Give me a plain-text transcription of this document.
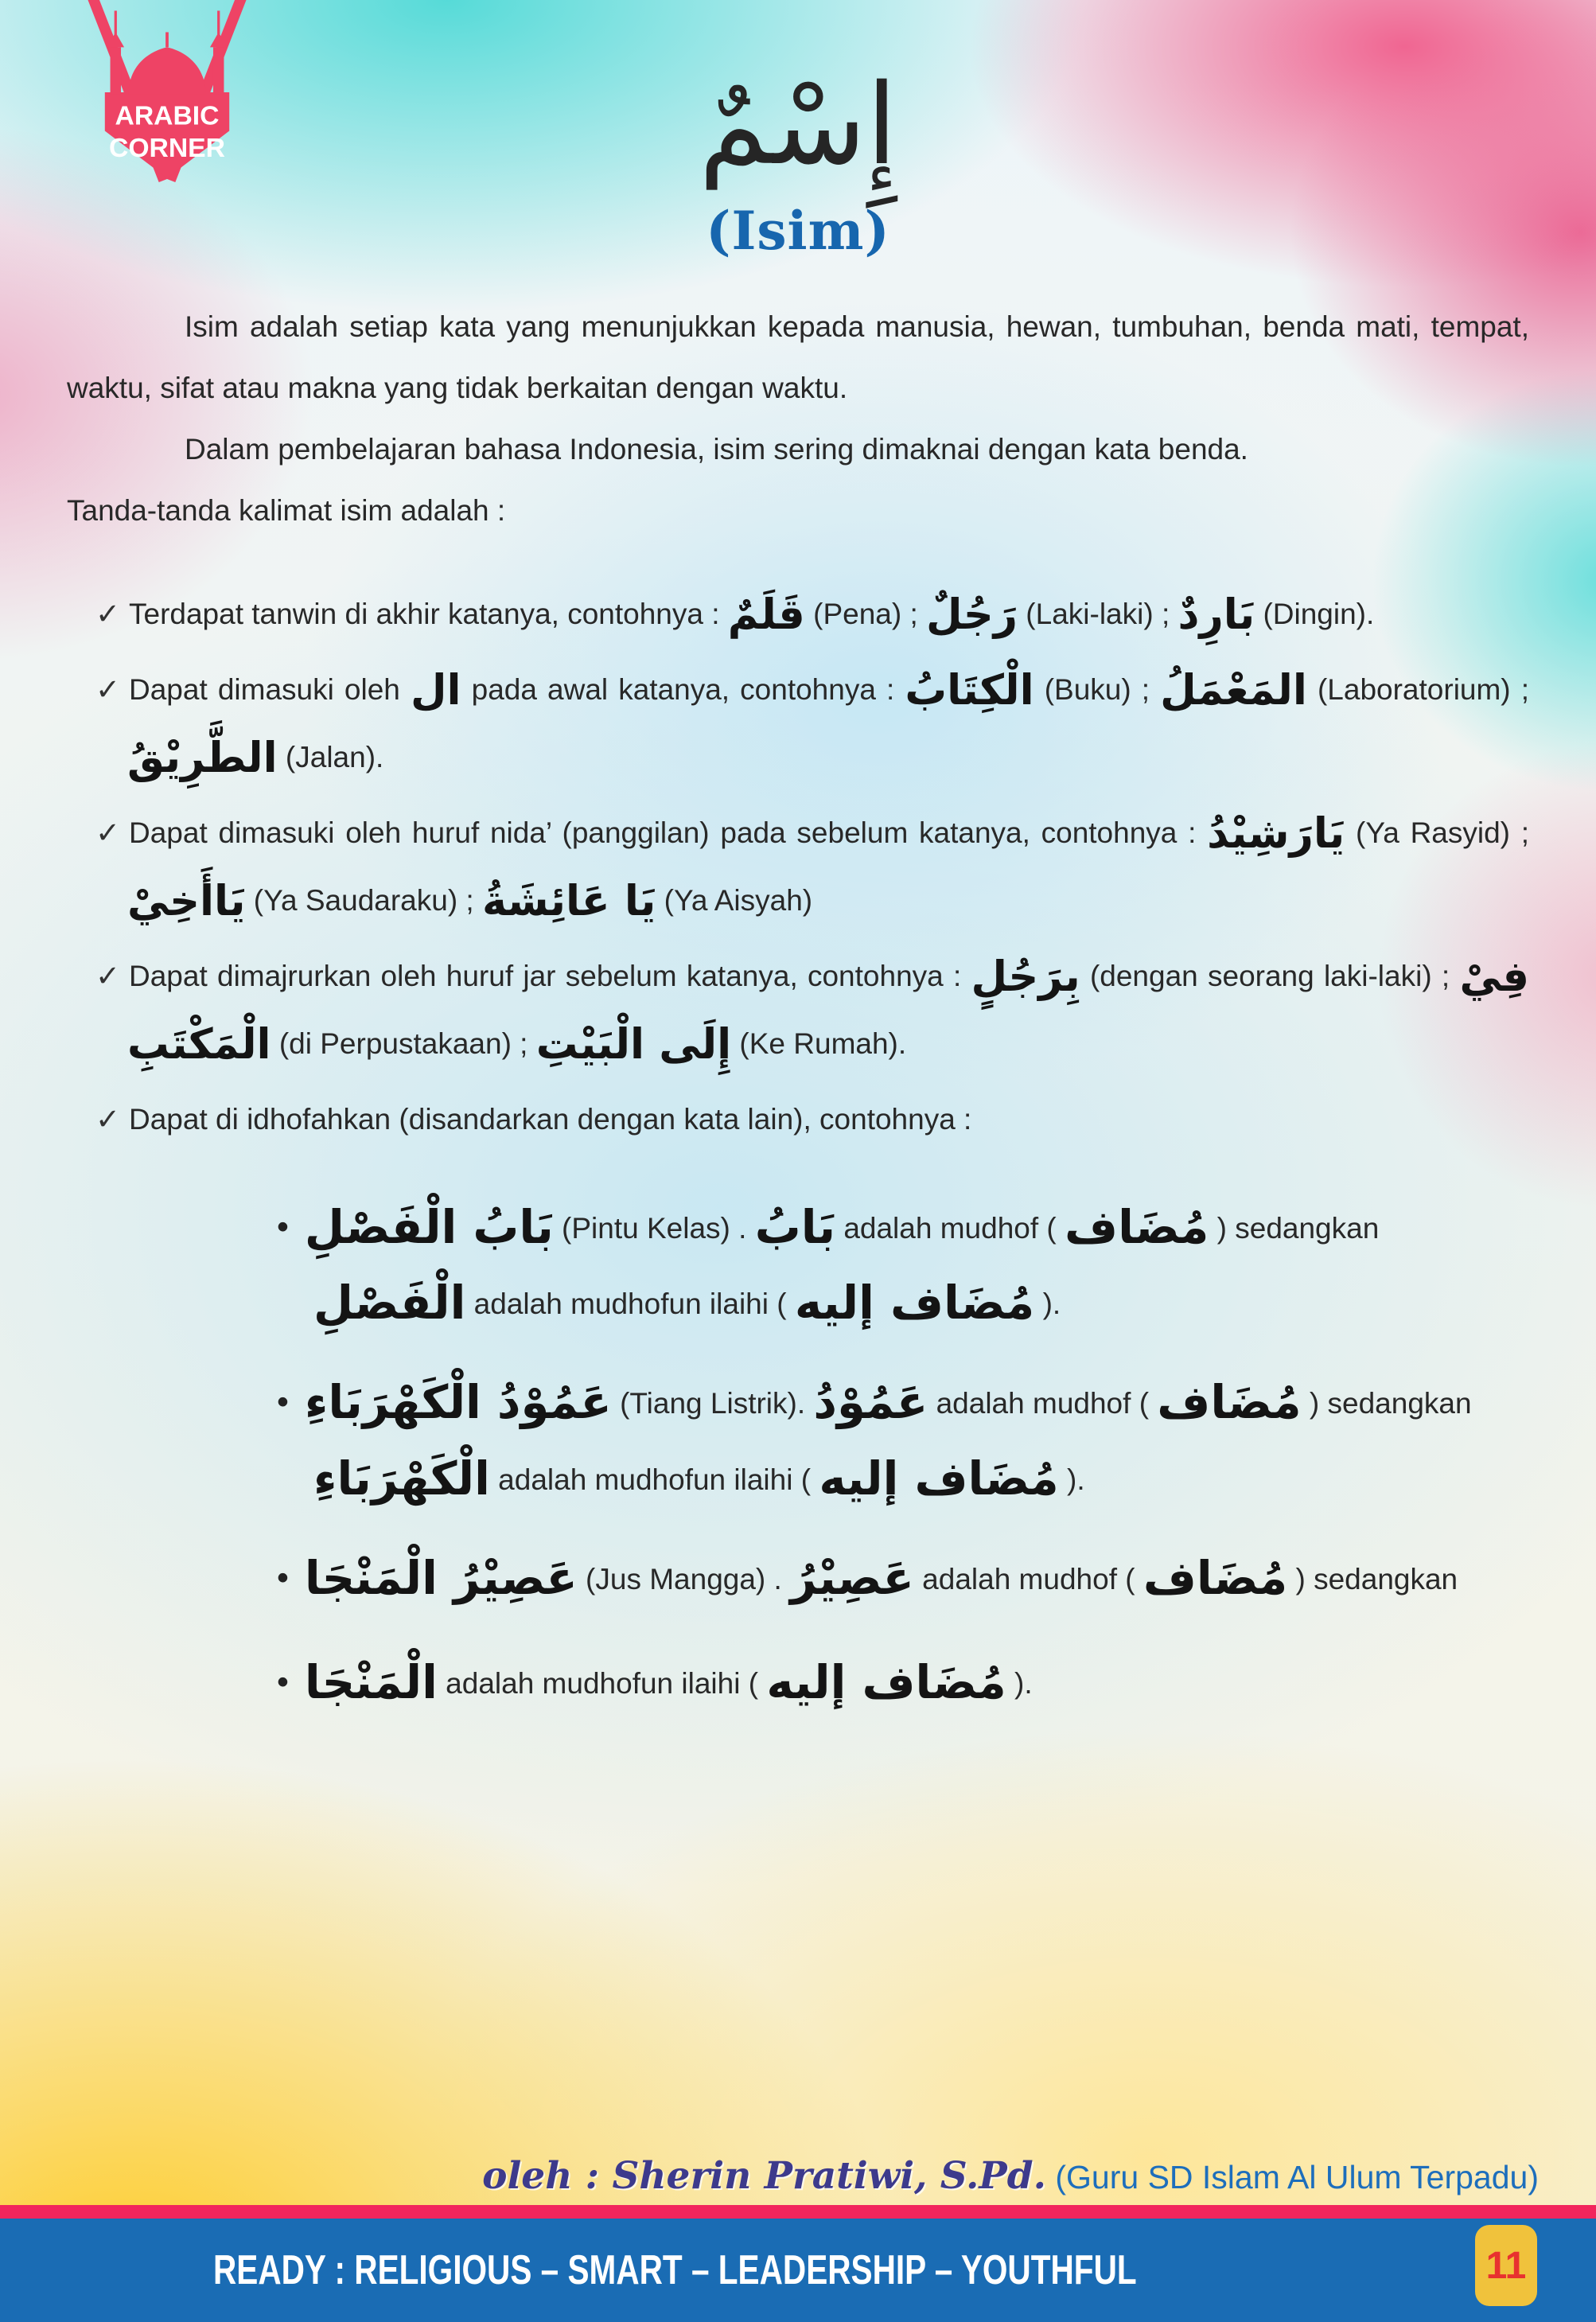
ARABIC
CORNER	إِسْمٌ
(Isim)

Isim adalah setiap kata yang menunjukkan kepada manusia, hewan, tumbuhan, benda mati, tempat, waktu, sifat atau makna yang tidak berkaitan dengan waktu.

Dalam pembelajaran bahasa Indonesia, isim sering dimaknai dengan kata benda.

Tanda-tanda kalimat isim adalah :

✓ Terdapat tanwin di akhir katanya, contohnya : قَلَمٌ (Pena) ; رَجُلٌ (Laki-laki) ; بَارِدٌ (Dingin).
✓ Dapat dimasuki oleh ال pada awal katanya, contohnya : الْكِتَابُ (Buku) ; المَعْمَلُ (Laboratorium) ; الطَّرِيْقُ (Jalan).
✓ Dapat dimasuki oleh huruf nida’ (panggilan) pada sebelum katanya, contohnya : يَارَشِيْدُ (Ya Rasyid) ; يَاأَخِيْ (Ya Saudaraku) ; يَا عَائِشَةُ (Ya Aisyah)
✓ Dapat dimajrurkan oleh huruf jar sebelum katanya, contohnya : بِرَجُلٍ (dengan seorang laki-laki) ; فِيْ الْمَكْتَبِ (di Perpustakaan) ; إِلَى الْبَيْتِ (Ke Rumah).
✓ Dapat di idhofahkan (disandarkan dengan kata lain), contohnya :
• بَابُ الْفَصْلِ (Pintu Kelas) . بَابُ adalah mudhof ( مُضَاف ) sedangkan الْفَصْلِ adalah mudhofun ilaihi ( مُضَاف إليه ).
• عَمُوْدُ الْكَهْرَبَاءِ (Tiang Listrik). عَمُوْدُ adalah mudhof ( مُضَاف ) sedangkan الْكَهْرَبَاءِ adalah mudhofun ilaihi ( مُضَاف إليه ).
• عَصِيْرُ الْمَنْجَا (Jus Mangga) . عَصِيْرُ adalah mudhof ( مُضَاف ) sedangkan
• الْمَنْجَا adalah mudhofun ilaihi ( مُضَاف إليه ).
oleh : Sherin Pratiwi, S.Pd. (Guru SD Islam Al Ulum Terpadu)
READY : RELIGIOUS – SMART – LEADERSHIP – YOUTHFUL	11
